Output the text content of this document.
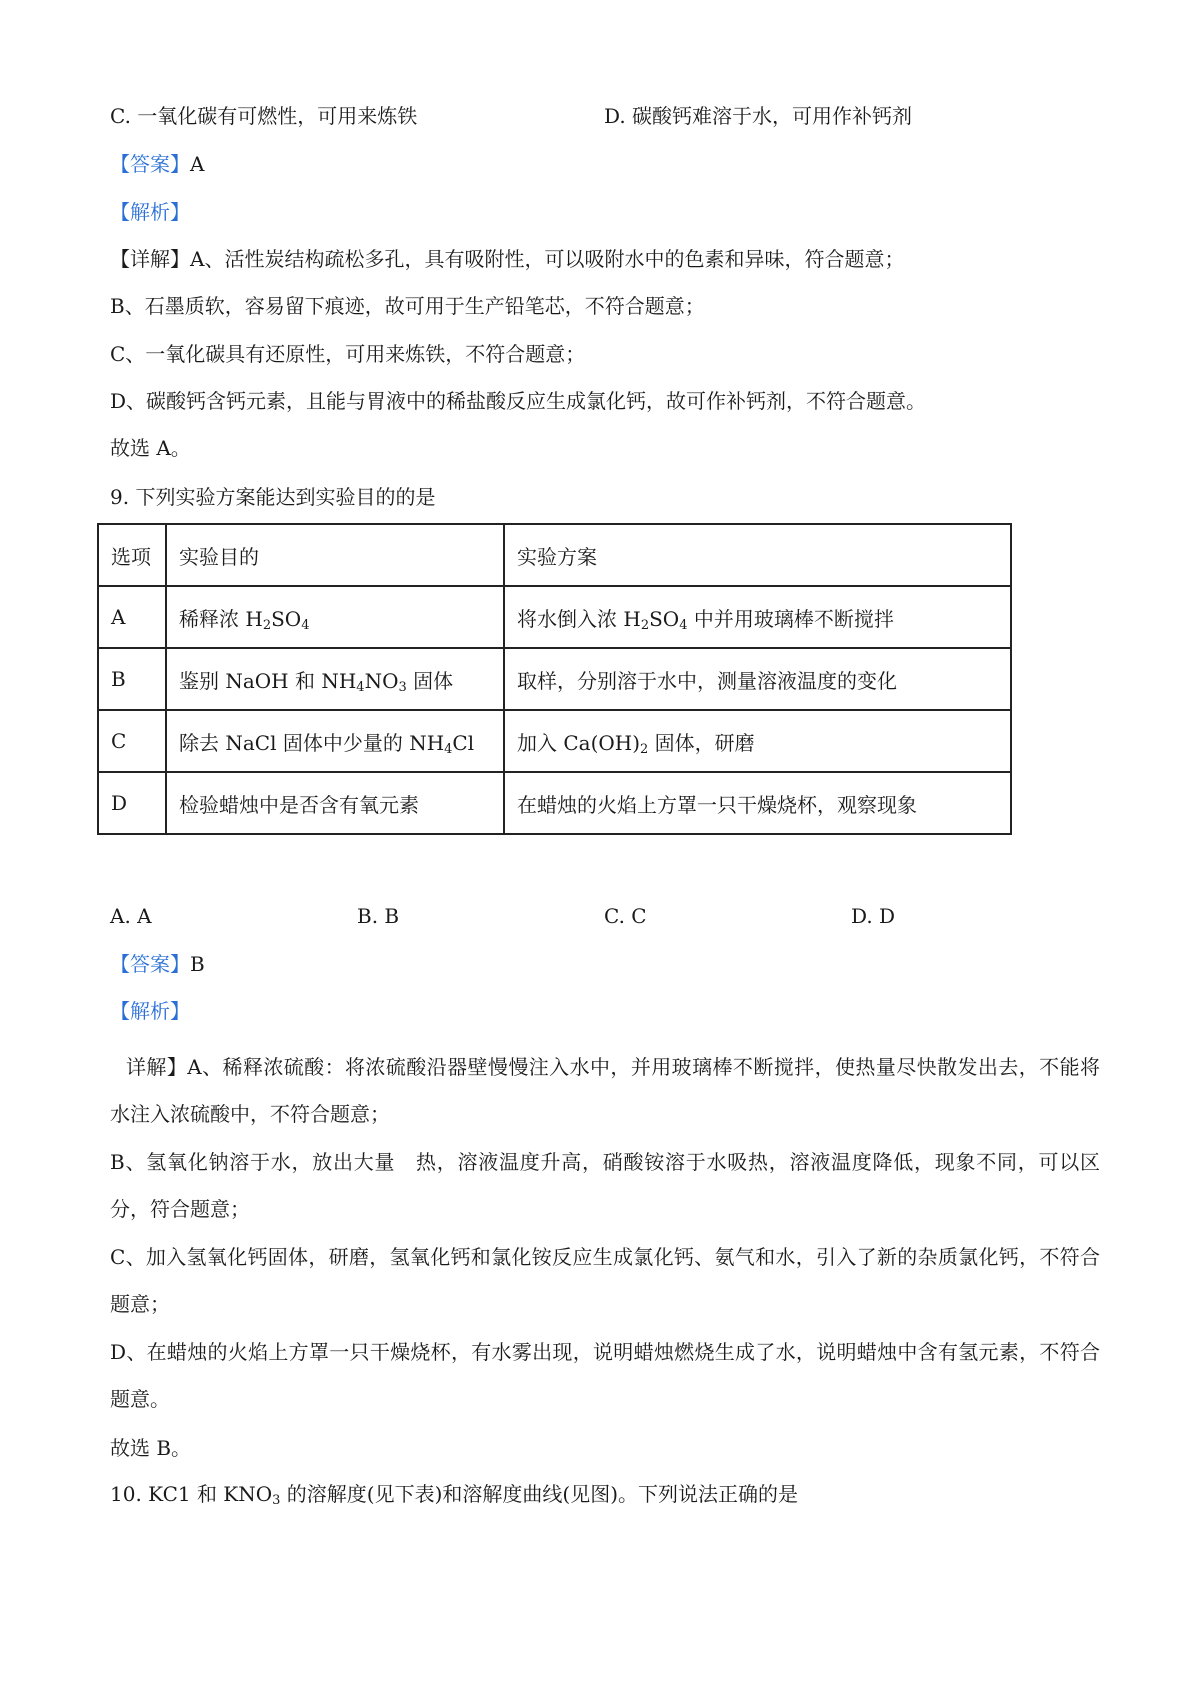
C. 一氧化碳有可燃性，可用来炼铁	D. 碳酸钙难溶于水，可用作补钙剂
【答案】A
【解析】
【详解】A、活性炭结构疏松多孔，具有吸附性，可以吸附水中的色素和异味，符合题意；
B、石墨质软，容易留下痕迹，故可用于生产铅笔芯，不符合题意；
C、一氧化碳具有还原性，可用来炼铁，不符合题意；
D、碳酸钙含钙元素，且能与胃液中的稀盐酸反应生成氯化钙，故可作补钙剂，不符合题意。
故选 A。
9. 下列实验方案能达到实验目的的是
选项	实验目的	实验方案
A	稀释浓 $H_2SO_4$	将水倒入浓 $H_2SO_4$ 中并用玻璃棒不断搅拌
B	鉴别 NaOH 和 $NH_4NO_3$ 固体	取样，分别溶于水中，测量溶液温度的变化
C	除去 NaCl 固体中少量的 $NH_4Cl$	加入 $Ca(OH)_2$ 固体，研磨
D	检验蜡烛中是否含有氧元素	在蜡烛的火焰上方罩一只干燥烧杯，观察现象
A. A	B. B	C. C	D. D
【答案】B
【解析】
详解】A、稀释浓硫酸：将浓硫酸沿器壁慢慢注入水中，并用玻璃棒不断搅拌，使热量尽快散发出去，不能将水注入浓硫酸中，不符合题意；
B、氢氧化钠溶于水，放出大量　热，溶液温度升高，硝酸铵溶于水吸热，溶液温度降低，现象不同，可以区分，符合题意；
C、加入氢氧化钙固体，研磨，氢氧化钙和氯化铵反应生成氯化钙、氨气和水，引入了新的杂质氯化钙，不符合题意；
D、在蜡烛的火焰上方罩一只干燥烧杯，有水雾出现，说明蜡烛燃烧生成了水，说明蜡烛中含有氢元素，不符合题意。
故选 B。
10. KC1 和 $KNO_3$ 的溶解度(见下表)和溶解度曲线(见图)。下列说法正确的是
